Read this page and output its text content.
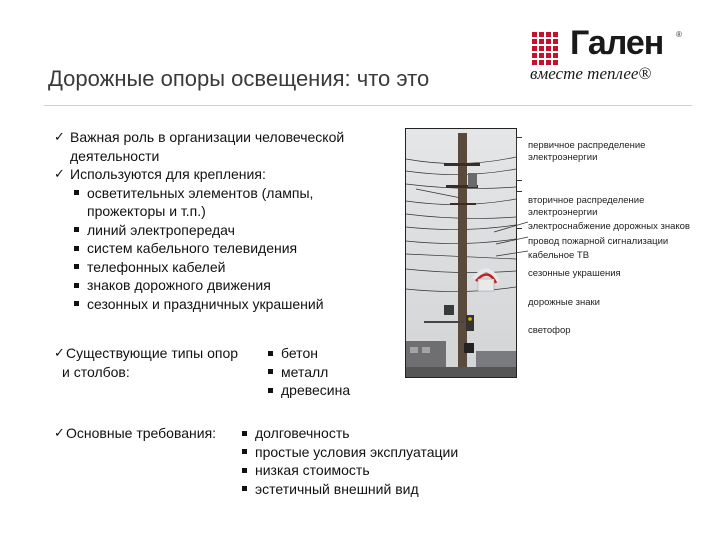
Дорожные опоры освещения: что это
Гален ®
вместе теплее®
✓ Важная роль в организации человеческой
деятельности
✓ Используются для крепления:
осветительных элементов (лампы,
прожекторы и т.п.)
линий электропередач
систем кабельного телевидения
телефонных кабелей
знаков дорожного движения
сезонных и праздничных украшений
✓ Существующие типы опор
и столбов:
бетон
металл
древесина
✓ Основные требования:	долговечность
простые условия эксплуатации
низкая стоимость
эстетичный внешний вид
первичное распределение
электроэнергии
вторичное распределение
электроэнергии
электроснабжение дорожных знаков
провод пожарной сигнализации
кабельное ТВ
сезонные украшения
дорожные знаки
светофор
